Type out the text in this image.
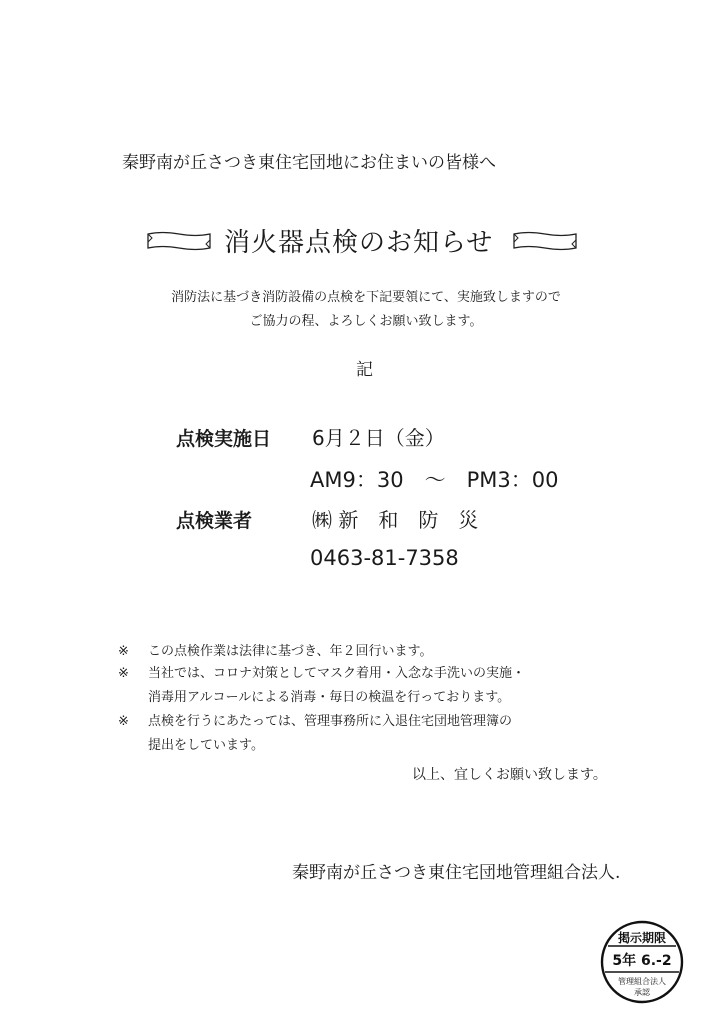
秦野南が丘さつき東住宅団地にお住まいの皆様へ
消火器点検のお知らせ
消防法に基づき消防設備の点検を下記要領にて、実施致しますので
ご協力の程、よろしくお願い致します。
記
点検実施日 6月２日（金）
AM9：30　～　PM3：00
点検業者	㈱ 新　和　防　災
0463-81-7358
※ この点検作業は法律に基づき、年２回行います。
※ 当社では、コロナ対策としてマスク着用・入念な手洗いの実施・
消毒用アルコールによる消毒・毎日の検温を行っております。
※ 点検を行うにあたっては、管理事務所に入退住宅団地管理簿の
提出をしています。
以上、宜しくお願い致します。
秦野南が丘さつき東住宅団地管理組合法人.
掲示期限
5年 6.-2
管理組合法人
承認
